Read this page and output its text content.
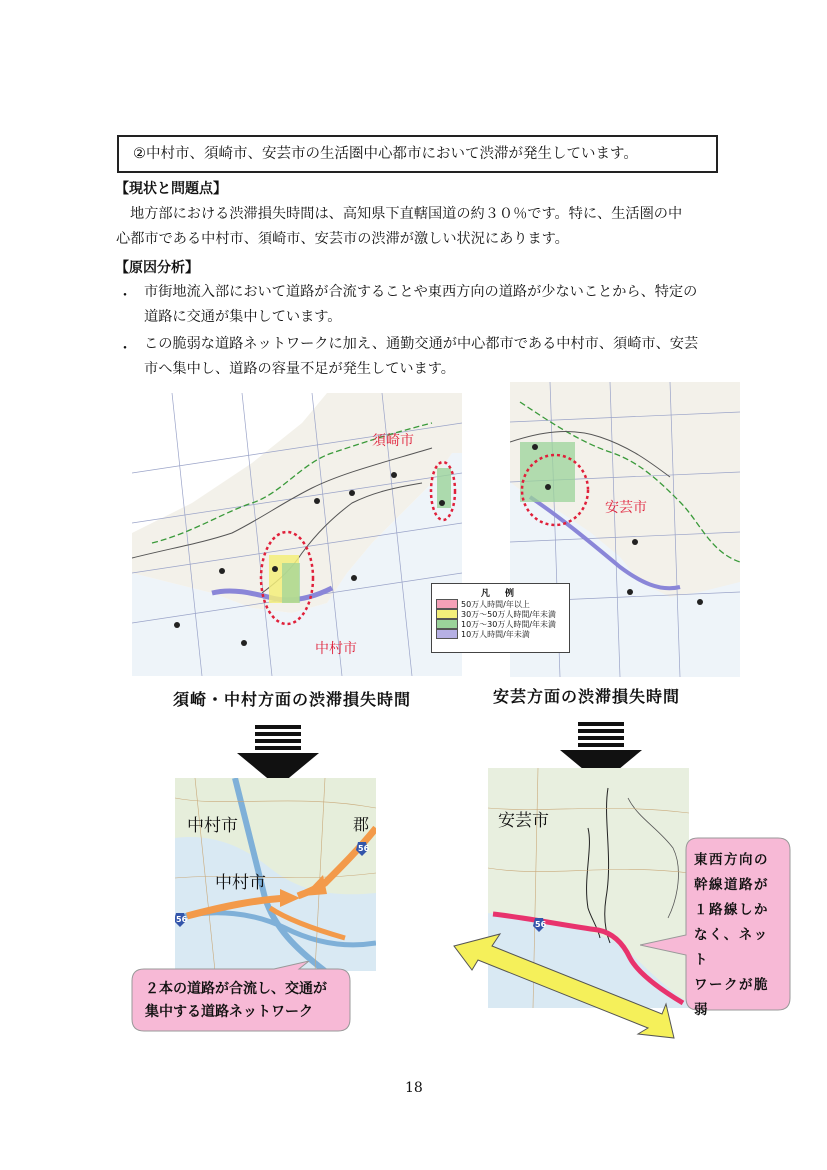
②中村市、須崎市、安芸市の生活圏中心都市において渋滞が発生しています。
【現状と問題点】
地方部における渋滞損失時間は、高知県下直轄国道の約３０％です。特に、生活圏の中
心都市である中村市、須崎市、安芸市の渋滞が激しい状況にあります。
【原因分析】
・ 市街地流入部において道路が合流することや東西方向の道路が少ないことから、特定の
道路に交通が集中しています。
・ この脆弱な道路ネットワークに加え、通勤交通が中心都市である中村市、須崎市、安芸
市へ集中し、道路の容量不足が発生しています。
須崎市
中村市
安芸市
凡 例
50万人時間/年以上
30万～50万人時間/年未満
10万～30万人時間/年未満
10万人時間/年未満
須崎・中村方面の渋滞損失時間	安芸方面の渋滞損失時間
中村市
中村市
郡
56
56
安芸市
56
２本の道路が合流し、交通が
集中する道路ネットワーク
東西方向の
幹線道路が
１路線しか
なく、ネット
ワークが脆
弱
18
